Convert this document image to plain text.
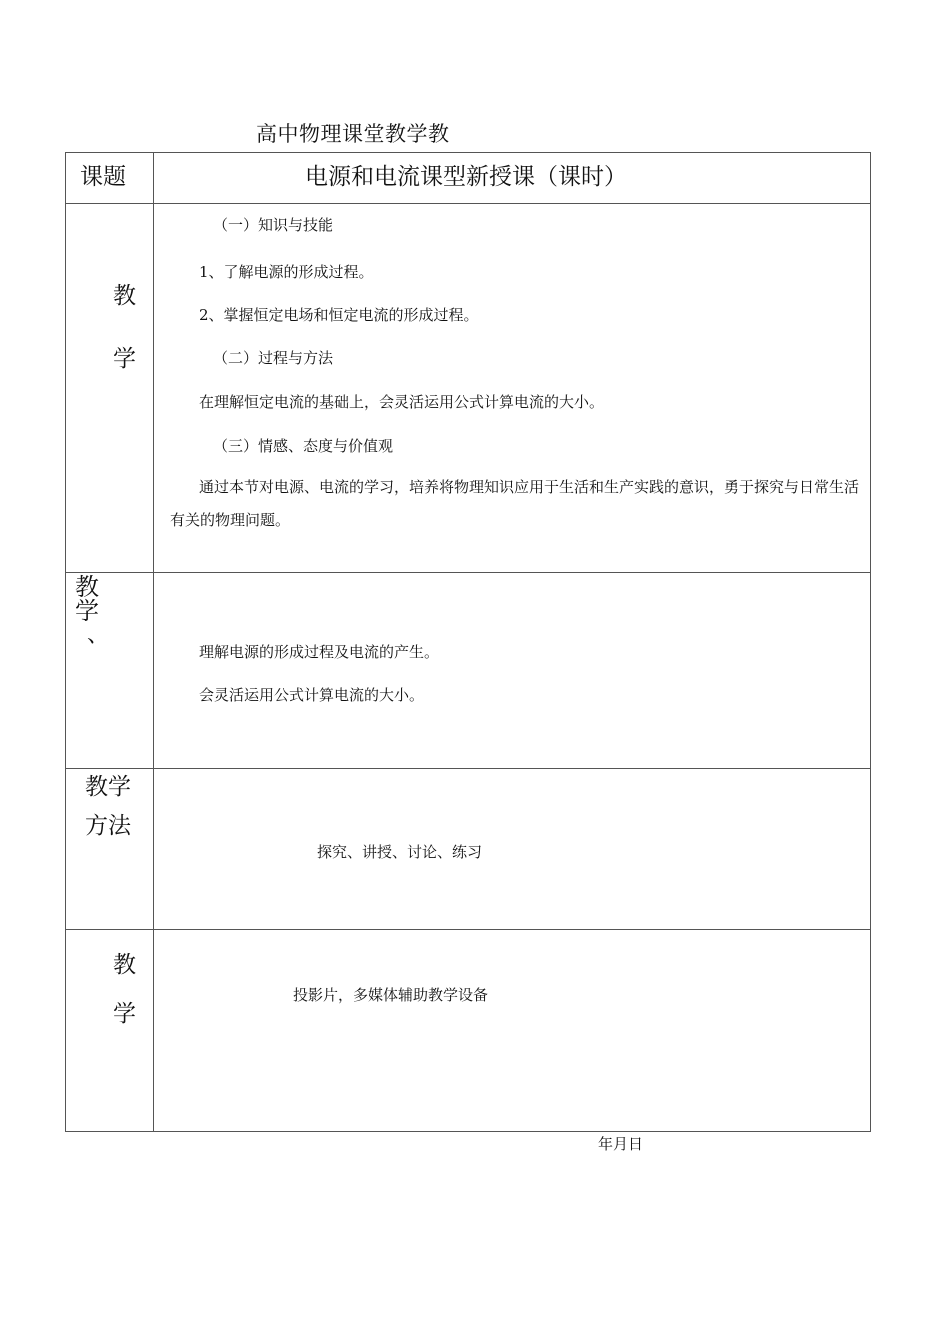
高中物理课堂教学教
课题	电源和电流课型新授课（课时）
教
学
（一）知识与技能
1、了解电源的形成过程。
2、掌握恒定电场和恒定电流的形成过程。
（二）过程与方法
在理解恒定电流的基础上，会灵活运用公式计算电流的大小。
（三）情感、态度与价值观
通过本节对电源、电流的学习，培养将物理知识应用于生活和生产实践的意识，勇于探究与日常生活有关的物理问题。
教
学
、
理解电源的形成过程及电流的产生。
会灵活运用公式计算电流的大小。
教学
方法
探究、讲授、讨论、练习
教
学
投影片，多媒体辅助教学设备
年月日
